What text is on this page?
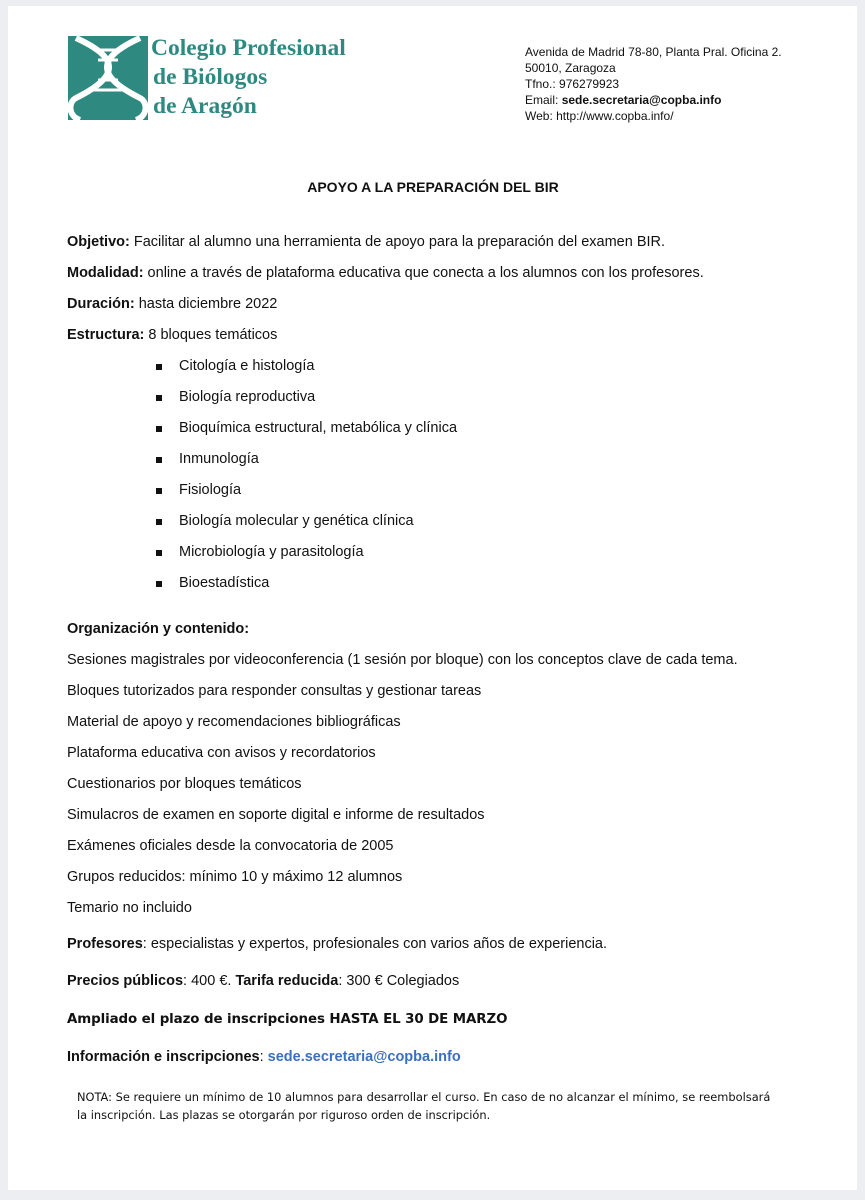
Colegio Profesional
de Biólogos
de Aragón
Avenida de Madrid 78-80, Planta Pral. Oficina 2.
50010, Zaragoza
Tfno.: 976279923
Email: sede.secretaria@copba.info
Web: http://www.copba.info/
APOYO A LA PREPARACIÓN DEL BIR
Objetivo: Facilitar al alumno una herramienta de apoyo para la preparación del examen BIR.
Modalidad: online a través de plataforma educativa que conecta a los alumnos con los profesores.
Duración: hasta diciembre 2022
Estructura: 8 bloques temáticos
Citología e histología
Biología reproductiva
Bioquímica estructural, metabólica y clínica
Inmunología
Fisiología
Biología molecular y genética clínica
Microbiología y parasitología
Bioestadística
Organización y contenido:
Sesiones magistrales por videoconferencia (1 sesión por bloque) con los conceptos clave de cada tema.
Bloques tutorizados para responder consultas y gestionar tareas
Material de apoyo y recomendaciones bibliográficas
Plataforma educativa con avisos y recordatorios
Cuestionarios por bloques temáticos
Simulacros de examen en soporte digital e informe de resultados
Exámenes oficiales desde la convocatoria de 2005
Grupos reducidos: mínimo 10 y máximo 12 alumnos
Temario no incluido
Profesores: especialistas y expertos, profesionales con varios años de experiencia.
Precios públicos: 400 €. Tarifa reducida: 300 € Colegiados
Ampliado el plazo de inscripciones HASTA EL 30 DE MARZO
Información e inscripciones: sede.secretaria@copba.info
NOTA: Se requiere un mínimo de 10 alumnos para desarrollar el curso. En caso de no alcanzar el mínimo, se reembolsará la inscripción. Las plazas se otorgarán por riguroso orden de inscripción.
